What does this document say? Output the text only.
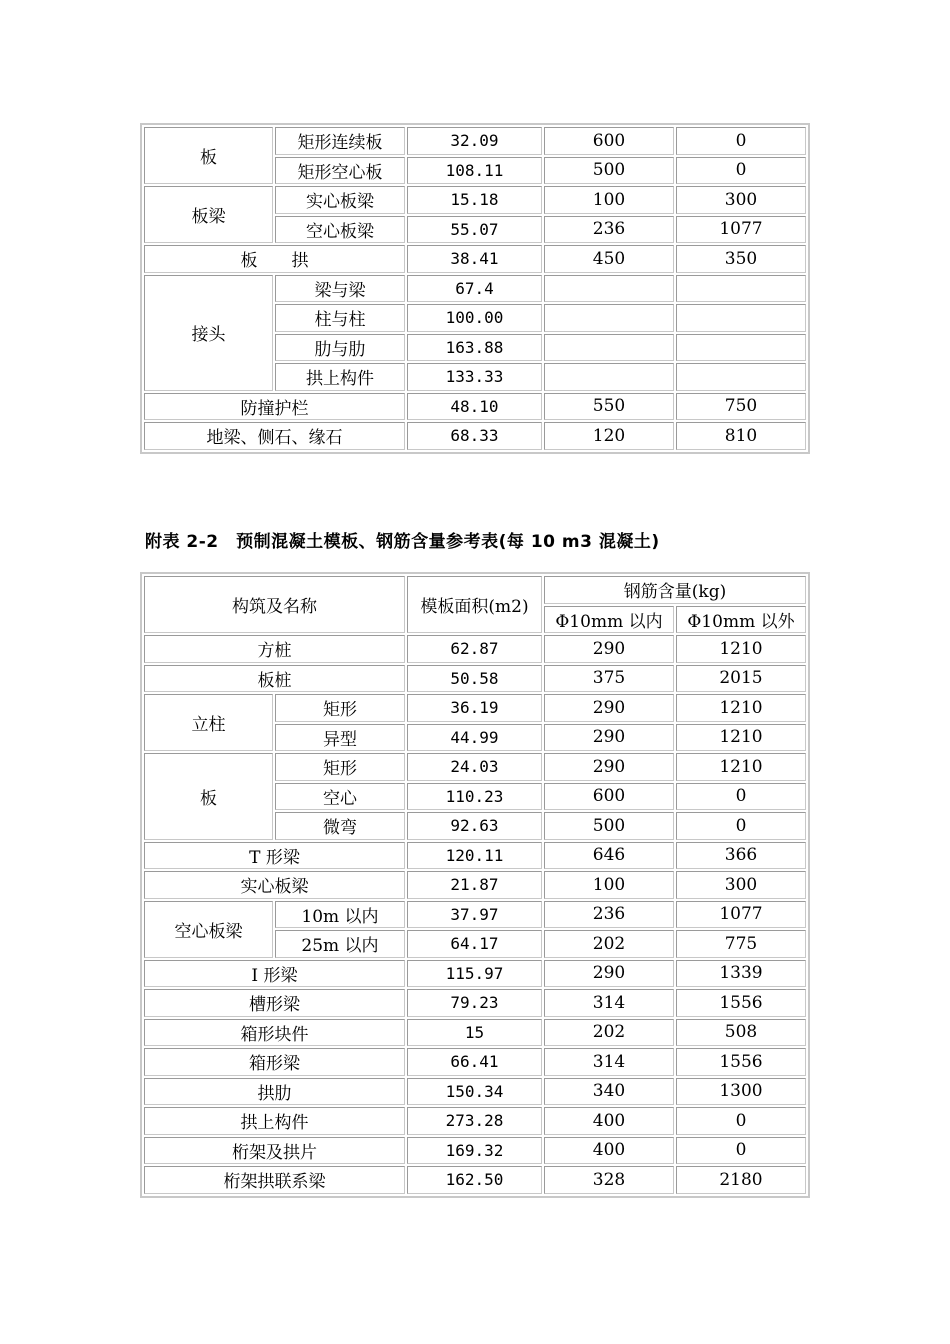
板	矩形连续板	32.09	600	0
	矩形空心板	108.11	500	0
板梁	实心板梁	15.18	100	300
	空心板梁	55.07	236	1077
板　　拱		38.41	450	350
接头	梁与梁	67.4		
	柱与柱	100.00		
	肋与肋	163.88		
	拱上构件	133.33		
防撞护栏		48.10	550	750
地梁、侧石、缘石		68.33	120	810
附表 2-2　预制混凝土模板、钢筋含量参考表(每 10 m3 混凝土)
构筑及名称		模板面积(m2)	钢筋含量(kg)	
			Φ10mm 以内	Φ10mm 以外
方桩		62.87	290	1210
板桩		50.58	375	2015
立柱	矩形	36.19	290	1210
	异型	44.99	290	1210
板	矩形	24.03	290	1210
	空心	110.23	600	0
	微弯	92.63	500	0
T 形梁		120.11	646	366
实心板梁		21.87	100	300
空心板梁	10m 以内	37.97	236	1077
	25m 以内	64.17	202	775
I 形梁		115.97	290	1339
槽形梁		79.23	314	1556
箱形块件		15	202	508
箱形梁		66.41	314	1556
拱肋		150.34	340	1300
拱上构件		273.28	400	0
桁架及拱片		169.32	400	0
桁架拱联系梁		162.50	328	2180
